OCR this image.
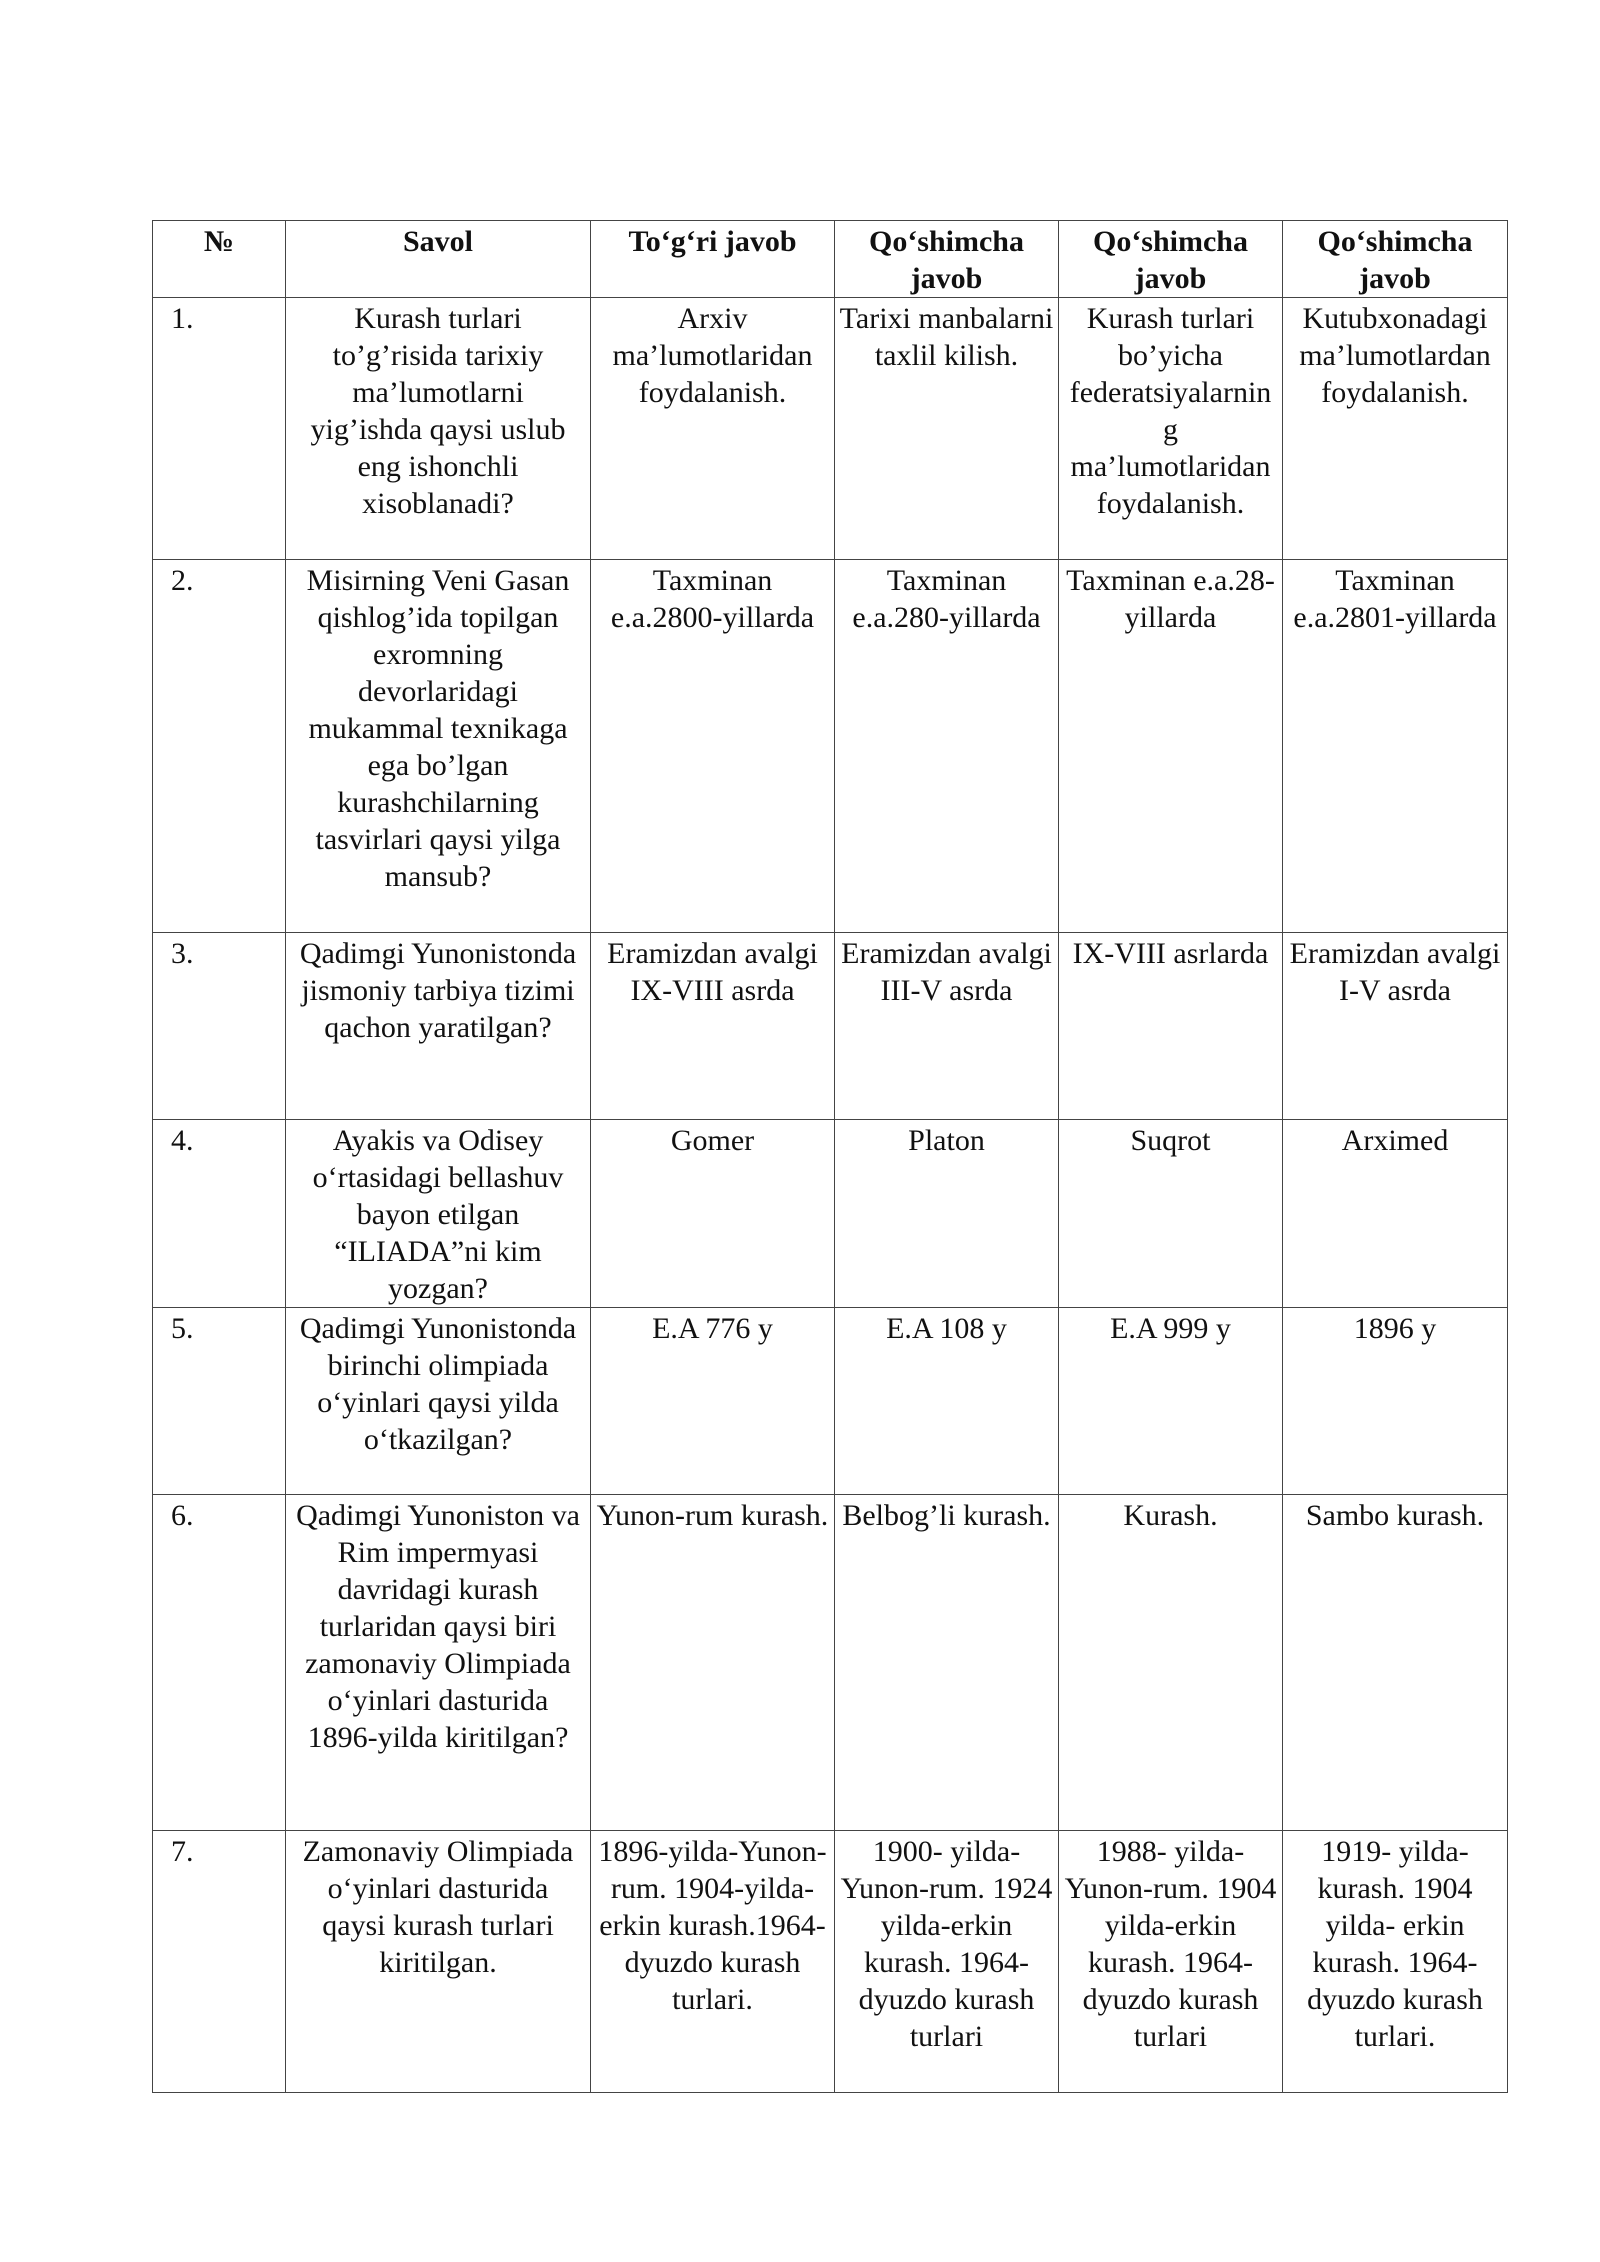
№	Savol	To‘g‘ri javob	Qo‘shimcha javob	Qo‘shimcha javob	Qo‘shimcha javob
1.	Kurash turlari to’g’risida tarixiy ma’lumotlarni yig’ishda qaysi uslub eng ishonchli xisoblanadi?	Arxiv ma’lumotlaridan foydalanish.	Tarixi manbalarni taxlil kilish.	Kurash turlari bo’yicha federatsiyalarning ma’lumotlaridan foydalanish.	Kutubxonadagi ma’lumotlardan foydalanish.
2.	Misirning Veni Gasan qishlog’ida topilgan exromning devorlaridagi mukammal texnikaga ega bo’lgan kurashchilarning tasvirlari qaysi yilga mansub?	Taxminan e.a.2800-yillarda	Taxminan e.a.280-yillarda	Taxminan e.a.28- yillarda	Taxminan e.a.2801-yillarda
3.	Qadimgi Yunonistonda jismoniy tarbiya tizimi qachon yaratilgan?	Eramizdan avalgi IX-VIII asrda	Eramizdan avalgi III-V asrda	IX-VIII asrlarda	Eramizdan avalgi I-V asrda
4.	Ayakis va Odisey o‘rtasidagi bellashuv bayon etilgan “ILIADA”ni kim yozgan?	Gomer	Platon	Suqrot	Arximed
5.	Qadimgi Yunonistonda birinchi olimpiada o‘yinlari qaysi yilda o‘tkazilgan?	E.A 776 y	E.A 108 y	E.A 999 y	1896 y
6.	Qadimgi Yunoniston va Rim impermyasi davridagi kurash turlaridan qaysi biri zamonaviy Olimpiada o‘yinlari dasturida 1896-yilda kiritilgan?	Yunon-rum kurash.	Belbog’li kurash.	Kurash.	Sambo kurash.
7.	Zamonaviy Olimpiada o‘yinlari dasturida qaysi kurash turlari kiritilgan.	1896-yilda-Yunon-rum. 1904-yilda-erkin kurash.1964-dyuzdo kurash turlari.	1900- yilda-Yunon-rum. 1924 yilda-erkin kurash. 1964-dyuzdo kurash turlari	1988- yilda-Yunon-rum. 1904 yilda-erkin kurash. 1964-dyuzdo kurash turlari	1919- yilda-kurash. 1904 yilda- erkin kurash. 1964-dyuzdo kurash turlari.
